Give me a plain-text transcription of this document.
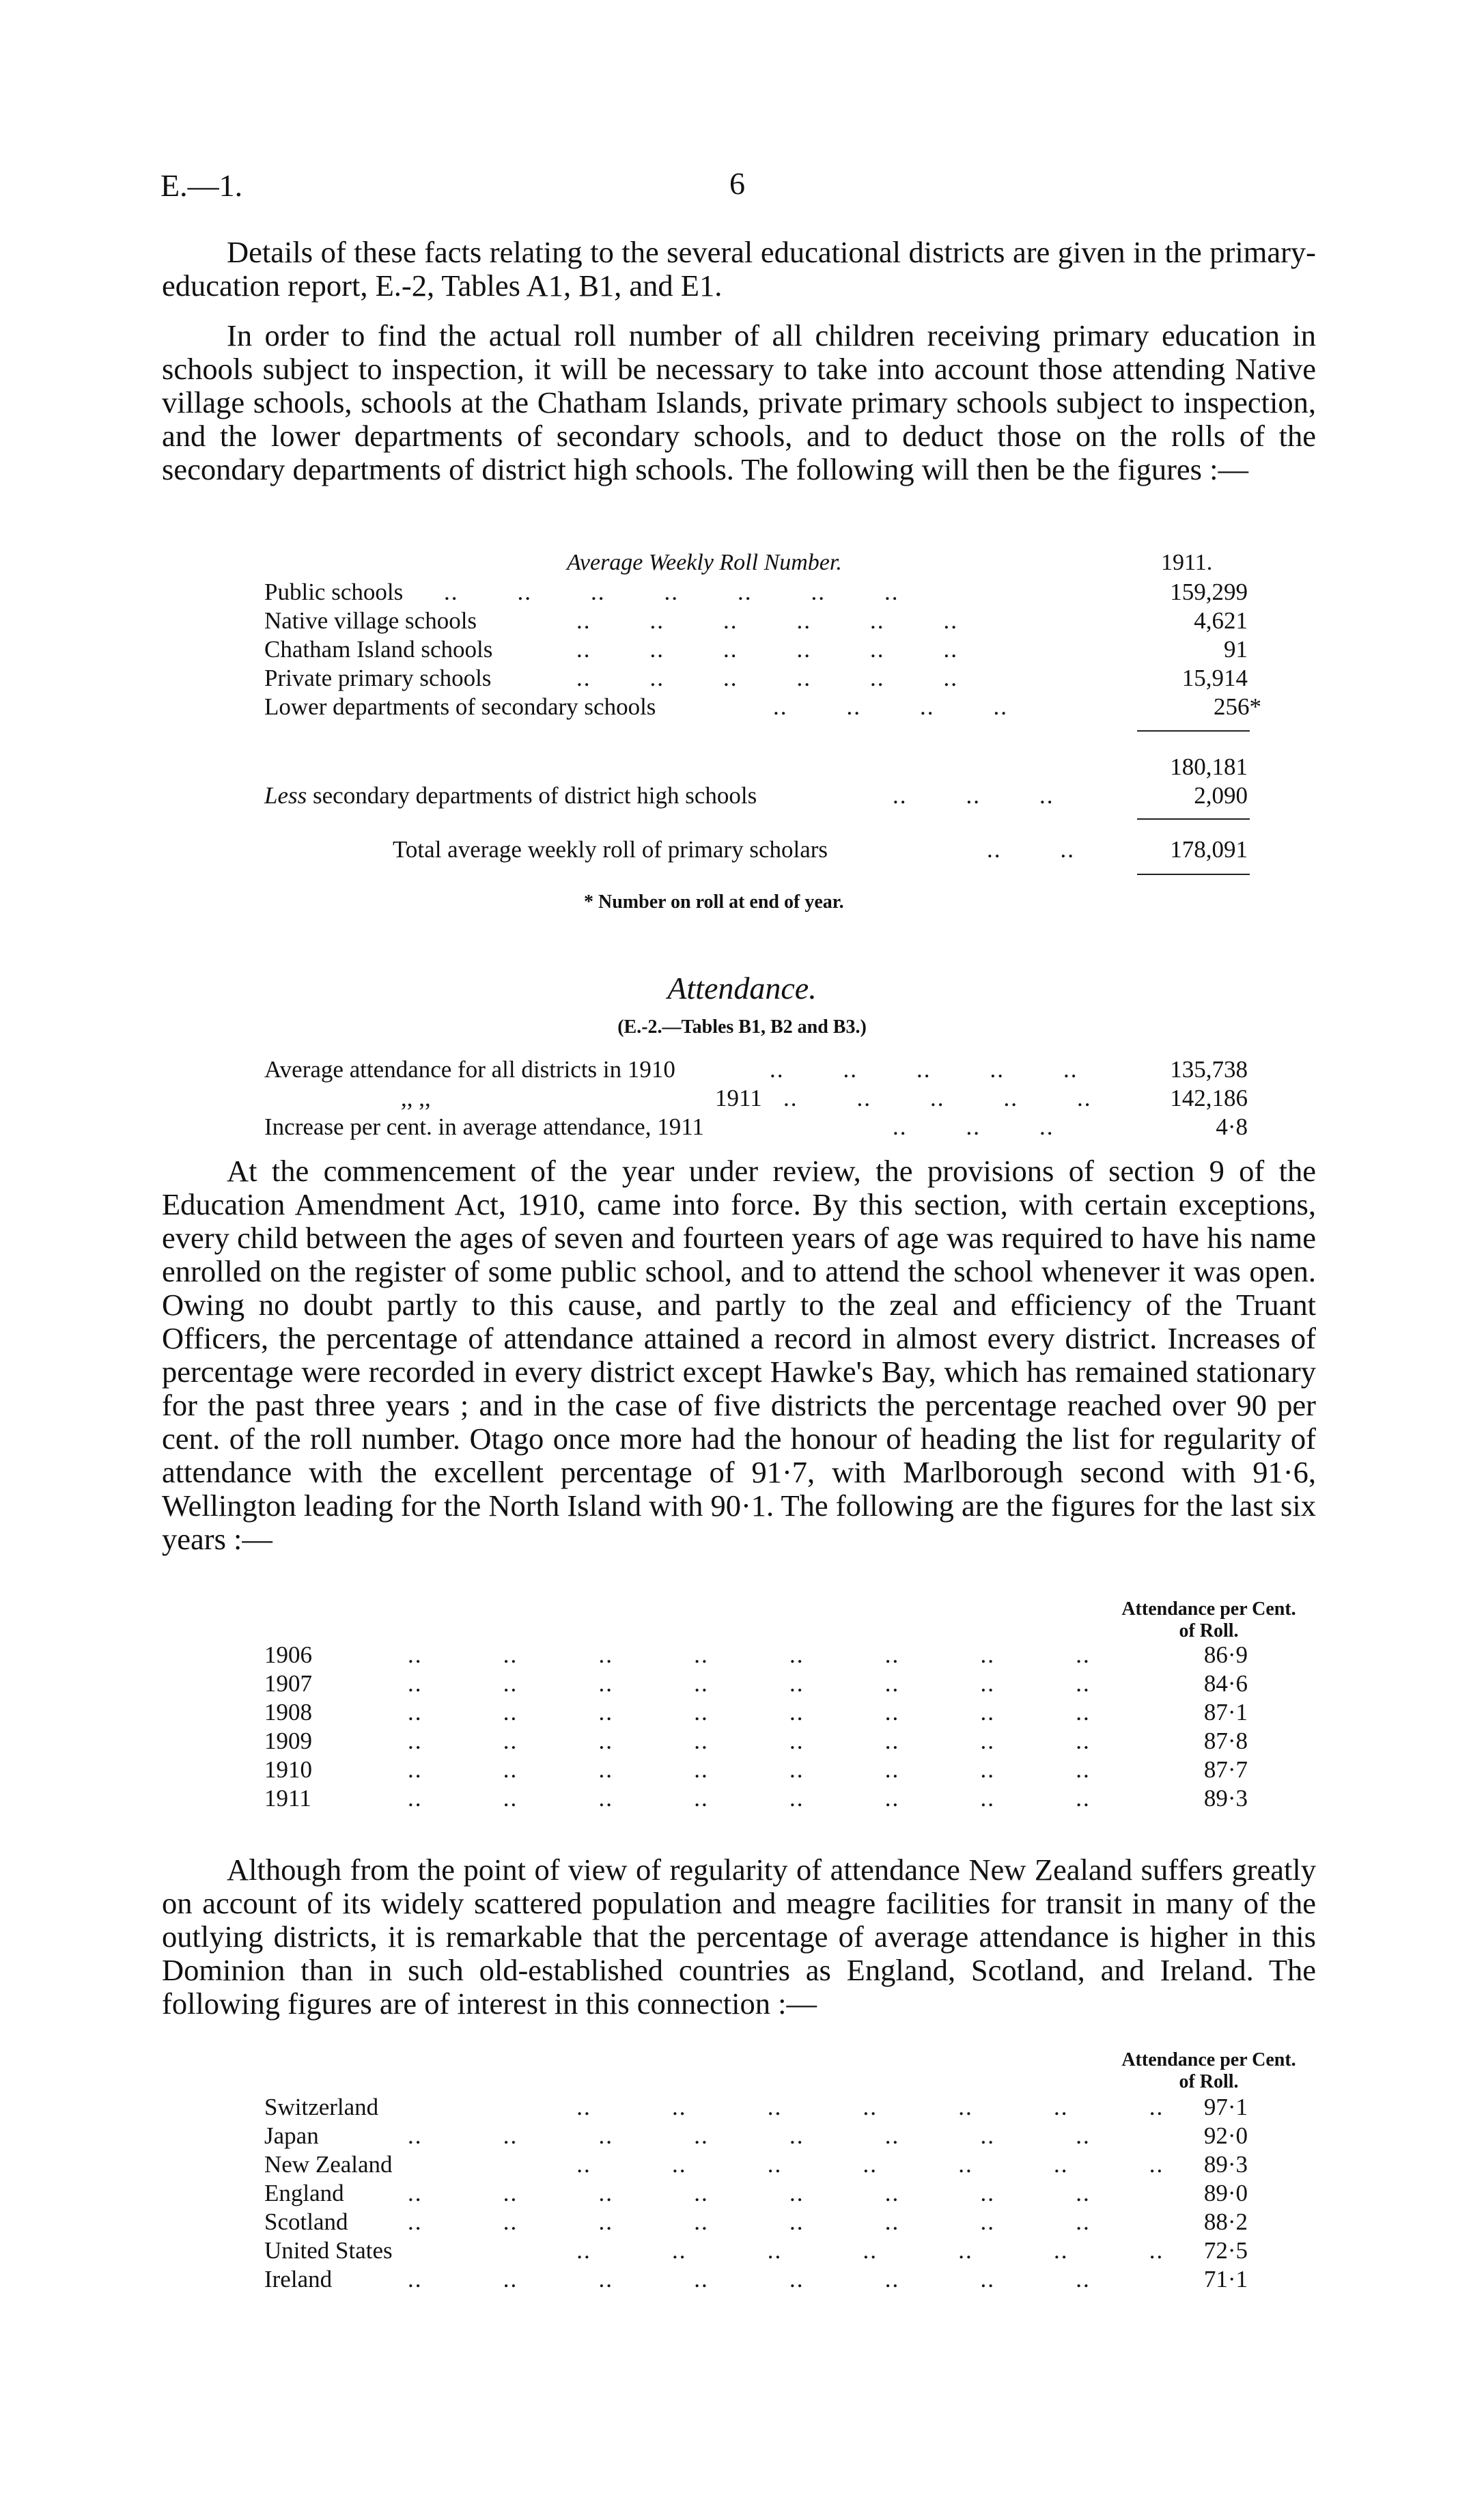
E.—1.	6

Details of these facts relating to the several educational districts are given in the primary-education report, E.-2, Tables A1, B1, and E1.

In order to find the actual roll number of all children receiving primary education in schools subject to inspection, it will be necessary to take into account those attending Native village schools, schools at the Chatham Islands, private primary schools subject to inspection, and the lower departments of secondary schools, and to deduct those on the rolls of the secondary departments of district high schools. The following will then be the figures :—

Average Weekly Roll Number.	1911.
Public schools ..        ..        ..        ..        ..        ..        ..	159,299
Native village schools	..        ..        ..        ..        ..        ..	4,621
Chatham Island schools	..        ..        ..        ..        ..        ..	91
Private primary schools	..        ..        ..        ..        ..        ..	15,914
Lower departments of secondary schools	..        ..        ..        ..	256*
180,181
Less secondary departments of district high schools	..        ..        ..	2,090
Total average weekly roll of primary scholars	..        ..	178,091
* Number on roll at end of year.
Attendance.
(E.-2.—Tables B1, B2 and B3.)
Average attendance for all districts in 1910	..        ..        ..        ..        ..	135,738
,, ,,	1911 ..        ..        ..        ..        ..	142,186
Increase per cent. in average attendance, 1911	..        ..        ..	4·8

At the commencement of the year under review, the provisions of section 9 of the Education Amendment Act, 1910, came into force. By this section, with certain exceptions, every child between the ages of seven and fourteen years of age was required to have his name enrolled on the register of some public school, and to attend the school whenever it was open. Owing no doubt partly to this cause, and partly to the zeal and efficiency of the Truant Officers, the percentage of attendance attained a record in almost every district. Increases of percentage were recorded in every district except Hawke's Bay, which has remained stationary for the past three years ; and in the case of five districts the percentage reached over 90 per cent. of the roll number. Otago once more had the honour of heading the list for regularity of attendance with the excellent percentage of 91·7, with Marlborough second with 91·6, Wellington leading for the North Island with 90·1. The following are the figures for the last six years :—

Attendance per Cent.
of Roll.
1906	..           ..           ..           ..           ..           ..           ..           ..	86·9
1907	..           ..           ..           ..           ..           ..           ..           ..	84·6
1908	..           ..           ..           ..           ..           ..           ..           ..	87·1
1909	..           ..           ..           ..           ..           ..           ..           ..	87·8
1910	..           ..           ..           ..           ..           ..           ..           ..	87·7
1911	..           ..           ..           ..           ..           ..           ..           ..	89·3

Although from the point of view of regularity of attendance New Zealand suffers greatly on account of its widely scattered population and meagre facilities for transit in many of the outlying districts, it is remarkable that the percentage of average attendance is higher in this Dominion than in such old-established countries as England, Scotland, and Ireland. The following figures are of interest in this connection :—

Attendance per Cent.
of Roll.
Switzerland ..           ..           ..           ..           ..           ..           ..	97·1
Japan	..           ..           ..           ..           ..           ..           ..           ..	92·0
New Zealand ..           ..           ..           ..           ..           ..           ..	89·3
England	..           ..           ..           ..           ..           ..           ..           ..	89·0
Scotland	..           ..           ..           ..           ..           ..           ..           ..	88·2
United States ..           ..           ..           ..           ..           ..           ..	72·5
Ireland	..           ..           ..           ..           ..           ..           ..           ..	71·1
